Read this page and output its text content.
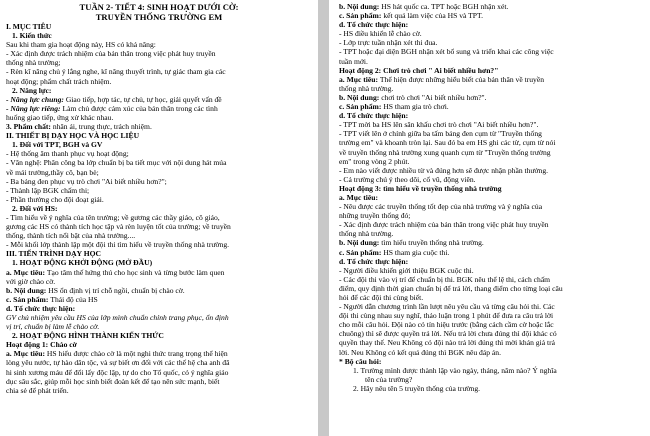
TUẦN 2- TIẾT 4: SINH HOẠT DƯỚI CỜ:
TRUYỀN THỐNG TRƯỜNG EM
I. MỤC TIÊU
1. Kiến thức
Sau khi tham gia hoạt động này, HS có khả năng:
- Xác định được trách nhiệm của bản thân trong việc phát huy truyền
thống nhà trường;
- Rèn kĩ năng chủ ý lắng nghe, kĩ năng thuyết trình, tự giác tham gia các
hoạt động; phẩm chất trách nhiệm.
2. Năng lực:
- Năng lực chung: Giao tiếp, hợp tác, tự chủ, tự học, giải quyết vấn đề
- Năng lực riêng: Làm chủ được cảm xúc của bản thân trong các tình
huống giao tiếp, ứng xử khác nhau.
3. Phẩm chất: nhân ái, trung thực, trách nhiệm.
II. THIẾT BỊ DẠY HỌC VÀ HỌC LIỆU
1. Đối với TPT, BGH và GV
- Hệ thống âm thanh phục vụ hoạt động;
- Văn nghệ: Phân công ba lớp chuẩn bị ba tiết mục với nội dung hát múa
về mái trường,thầy cô, bạn bè;
- Ba bảng đen phục vụ trò chơi "Ai biết nhiều hơn?";
- Thành lập BGK chấm thi;
- Phần thưởng cho đội đoạt giải.
2. Đối với HS:
- Tìm hiểu về ý nghĩa của tên trường; về gương các thầy giáo, cô giáo,
gương các HS có thành tích học tập và rèn luyện tốt của trường; về truyền
thống, thành tích nổi bật của nhà trường....
- Mỗi khối lớp thành lập một đội thi tìm hiểu về truyền thống nhà trường.
III. TIẾN TRÌNH DẠY HỌC
1. HOẠT ĐỘNG KHỞI ĐỘNG (MỞ ĐẦU)
a. Mục tiêu: Tạo tâm thế hứng thú cho học sinh và từng bước làm quen
với giờ chào cờ.
b. Nội dung: HS ổn định vị trí chỗ ngồi, chuẩn bị chào cờ.
c. Sản phẩm: Thái độ của HS
d. Tổ chức thực hiện:
GV chủ nhiệm yêu cầu HS của lớp mình chuẩn chỉnh trang phục, ổn định
vị trí, chuẩn bị làm lễ chào cờ.
2. HOẠT ĐỘNG HÌNH THÀNH KIẾN THỨC
Hoạt động 1: Chào cờ
a. Mục tiêu: HS hiểu được chào cờ là một nghi thức trang trọng thể hiện
lòng yêu nước, tự hào dân tộc, và sự biết ơn đối với các thế hệ cha anh đã
hi sinh xương máu để đổi lấy độc lập, tự do cho Tổ quốc, có ý nghĩa giáo
dục sâu sắc, giúp mỗi học sinh biết đoàn kết để tạo nên sức mạnh, biết
chia sẻ để phát triển.
b. Nội dung: HS hát quốc ca. TPT hoặc BGH nhận xét.
c. Sản phẩm: kết quả làm việc của HS và TPT.
d. Tổ chức thực hiện:
- HS điều khiển lễ chào cờ.
- Lớp trực tuần nhận xét thi đua.
- TPT hoặc đại diện BGH nhận xét bổ sung và triển khai các công việc
tuần mới.
Hoạt động 2: Chơi trò chơi " Ai biết nhiều hơn?"
a. Mục tiêu: Thể hiện được những hiểu biết của bản thân về truyền
thống nhà trường.
b. Nội dung: chơi trò chơi "Ai biết nhiều hơn?".
c. Sản phẩm: HS tham gia trò chơi.
d. Tổ chức thực hiện:
- TPT mời ba HS lên sân khấu chơi trò chơi "Ai biết nhiều hơn?".
- TPT viết lên ở chính giữa ba tấm bảng đen cụm từ "Truyền thống
trường em" và khoanh tròn lại. Sau đó ba em HS ghi các từ, cụm từ nói
về truyền thống nhà trường xung quanh cụm từ "Truyền thống trường
em" trong vòng 2 phút.
- Em nào viết được nhiều từ và đúng hơn sẽ được nhận phần thưởng.
- Cả trường chú ý theo dõi, cổ vũ, động viên.
Hoạt động 3: tìm hiểu về truyền thống nhà trường
a. Mục tiêu:
- Nêu được các truyền thống tốt đẹp của nhà trường và ý nghĩa của
những truyền thống đó;
- Xác định được trách nhiệm của bản thân trong việc phát huy truyền
thống nhà trường.
b. Nội dung: tìm hiểu truyền thống nhà trường.
c. Sản phẩm: HS tham gia cuộc thi.
d. Tổ chức thực hiện:
- Người điều khiển giới thiệu BGK cuộc thi.
- Các đội thi vào vị trí để chuẩn bị thi. BGK nêu thể lệ thi, cách chấm
điểm, quy định thời gian chuẩn bị để trả lời, thang điểm cho từng loại câu
hỏi để các đội thi cùng biết.
- Người dẫn chương trình lần lượt nêu yêu cầu và từng câu hỏi thi. Các
đội thi cùng nhau suy nghĩ, thảo luận trong 1 phút để đưa ra câu trả lời
cho mỗi câu hỏi. Đội nào có tín hiệu trước (bằng cách cầm cờ hoặc lắc
chuông) thì sẽ được quyền trả lời. Nếu trả lời chưa đúng thì đội khác có
quyền thay thế. Neu Không có đội nào trả lời đúng thì mời khán giả trả
lời. Neu Không có kết quả đúng thì BGK nêu đáp án.
* Bộ câu hỏi:
1. Trường mình được thành lập vào ngày, tháng, năm nào? Ý nghĩa
tên của trường?
2. Hãy nêu tên 5 truyền thống của trường.
